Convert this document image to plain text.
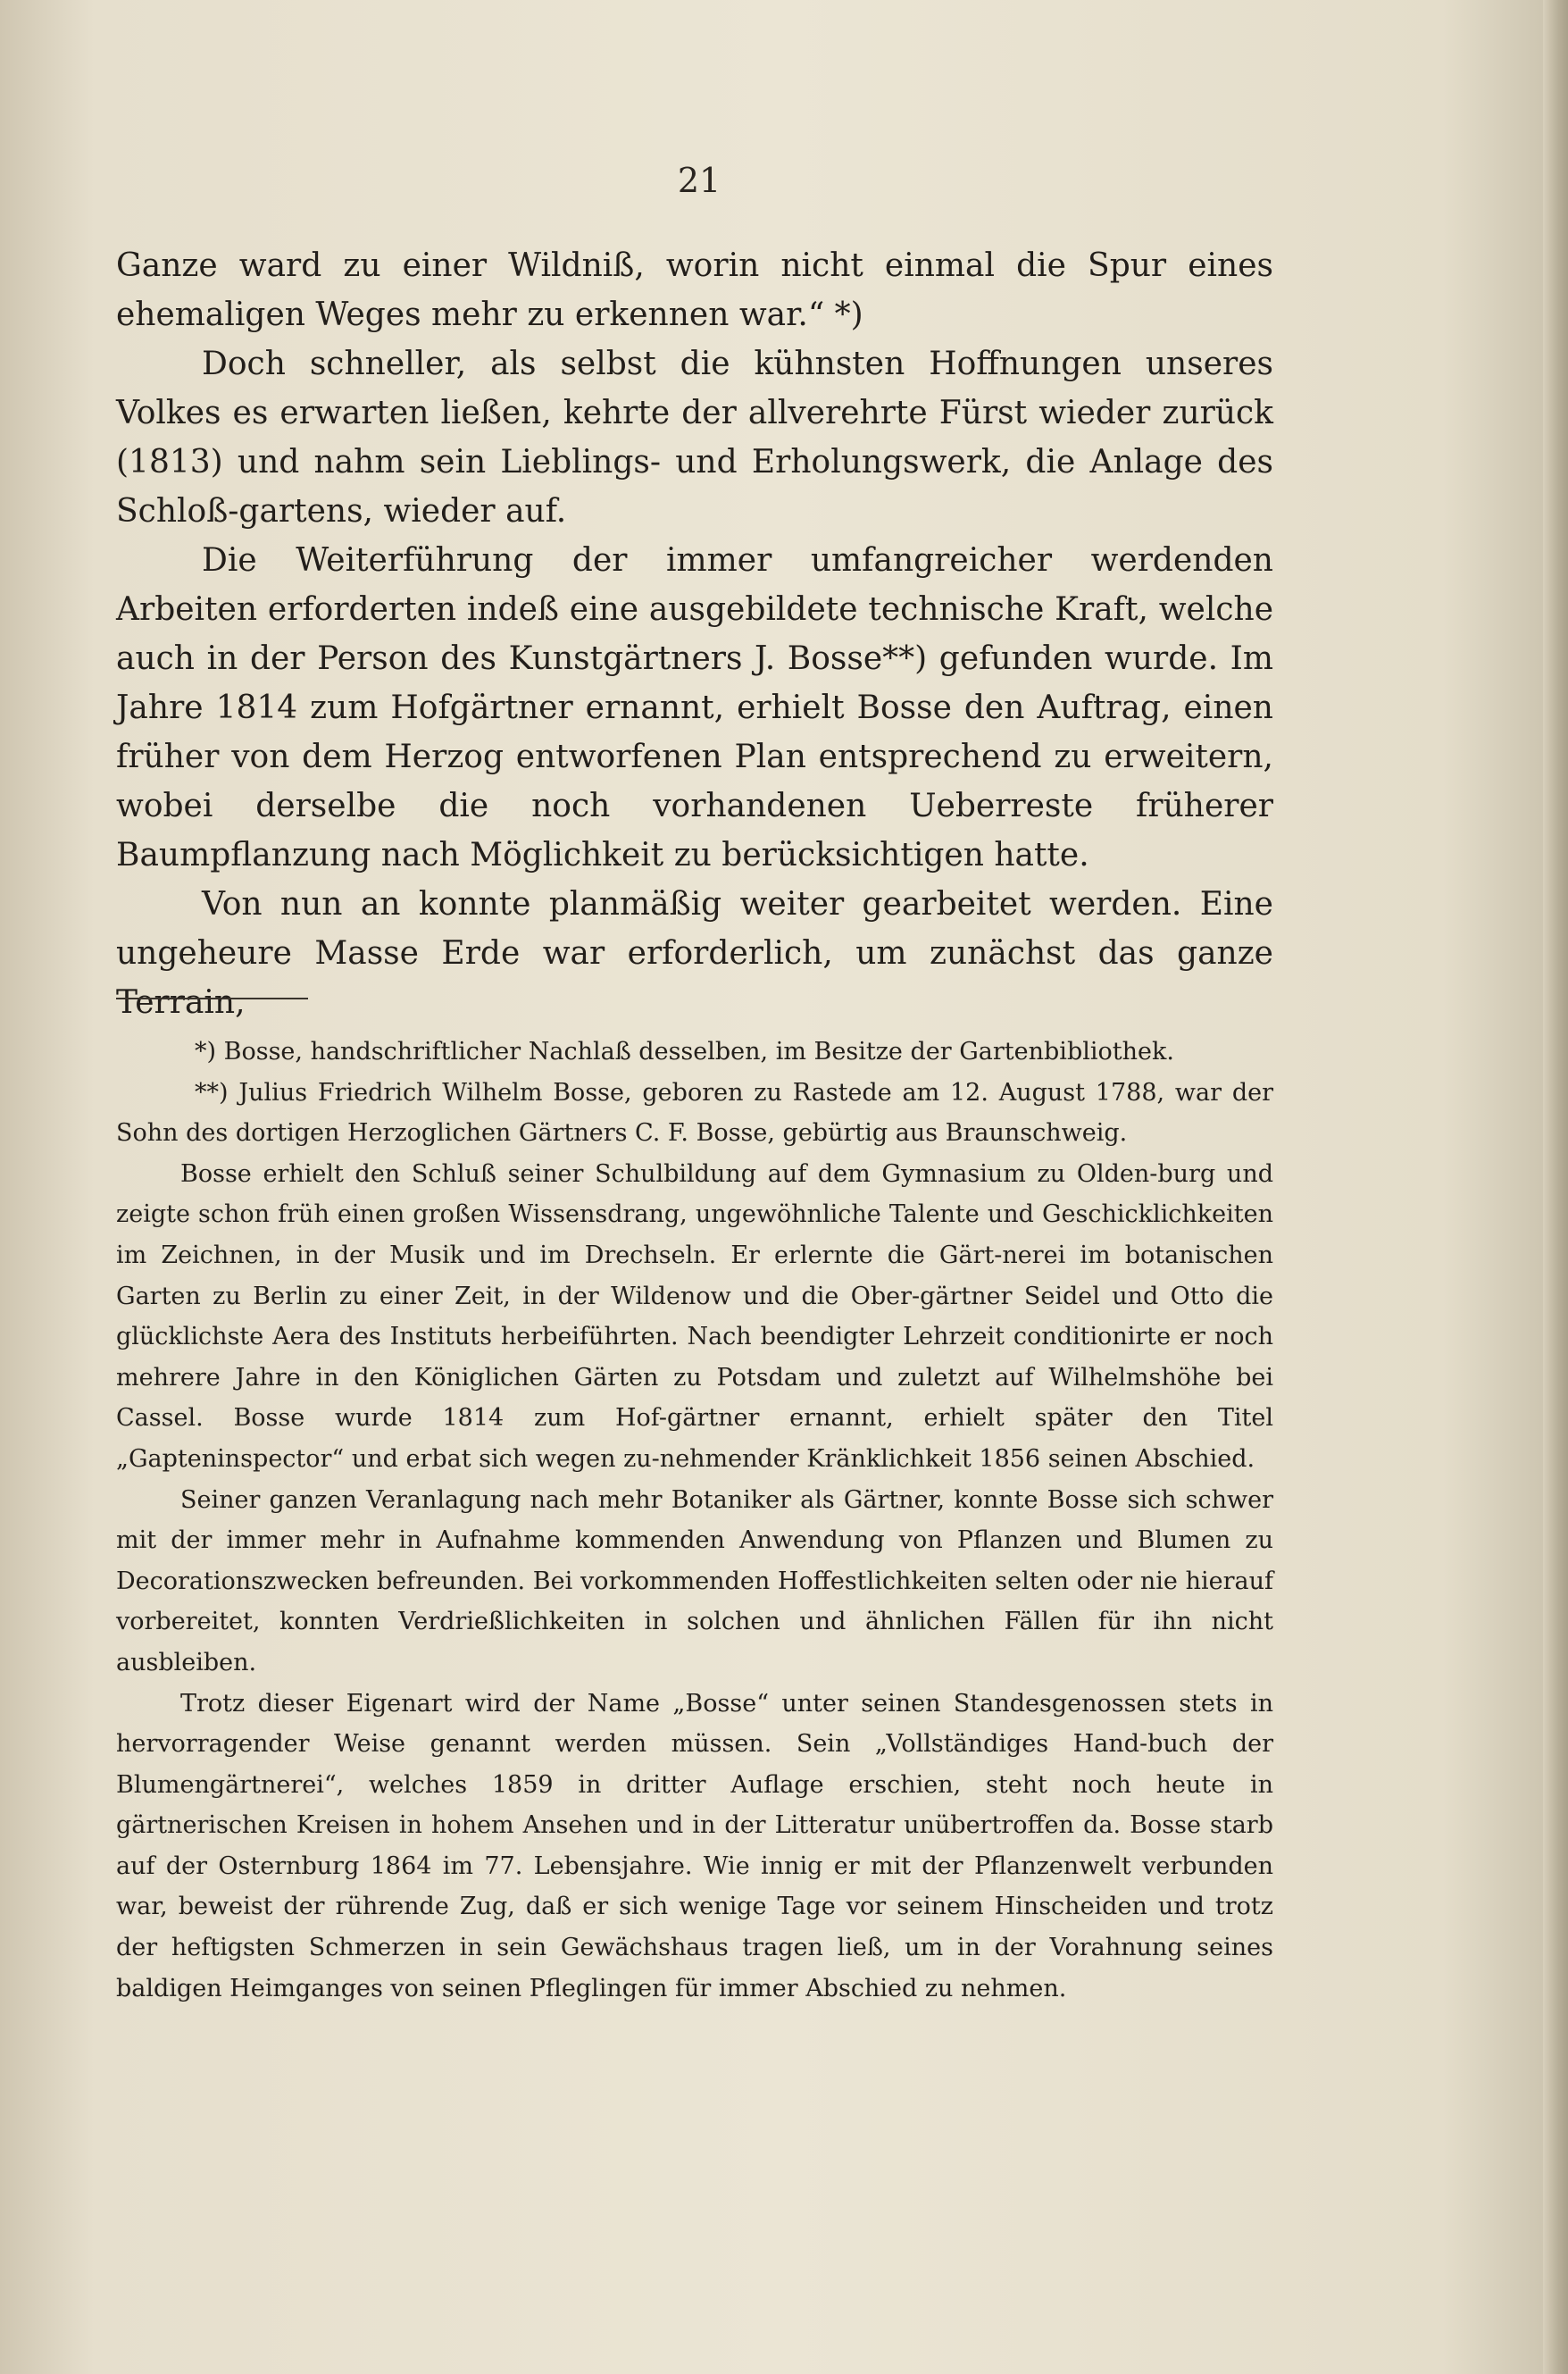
21

Ganze ward zu einer Wildniß, worin nicht einmal die Spur eines ehemaligen Weges mehr zu erkennen war.“ *)

Doch schneller, als selbst die kühnsten Hoffnungen unseres Volkes es erwarten ließen, kehrte der allverehrte Fürst wieder zurück (1813) und nahm sein Lieblings- und Erholungswerk, die Anlage des Schloß-gartens, wieder auf.

Die Weiterführung der immer umfangreicher werdenden Arbeiten erforderten indeß eine ausgebildete technische Kraft, welche auch in der Person des Kunstgärtners J. Bosse**) gefunden wurde. Im Jahre 1814 zum Hofgärtner ernannt, erhielt Bosse den Auftrag, einen früher von dem Herzog entworfenen Plan entsprechend zu erweitern, wobei derselbe die noch vorhandenen Ueberreste früherer Baumpflanzung nach Möglichkeit zu berücksichtigen hatte.

Von nun an konnte planmäßig weiter gearbeitet werden. Eine ungeheure Masse Erde war erforderlich, um zunächst das ganze Terrain,

*) Bosse, handschriftlicher Nachlaß desselben, im Besitze der Gartenbibliothek.

**) Julius Friedrich Wilhelm Bosse, geboren zu Rastede am 12. August 1788, war der Sohn des dortigen Herzoglichen Gärtners C. F. Bosse, gebürtig aus Braunschweig.

Bosse erhielt den Schluß seiner Schulbildung auf dem Gymnasium zu Olden-burg und zeigte schon früh einen großen Wissensdrang, ungewöhnliche Talente und Geschicklichkeiten im Zeichnen, in der Musik und im Drechseln. Er erlernte die Gärt-nerei im botanischen Garten zu Berlin zu einer Zeit, in der Wildenow und die Ober-gärtner Seidel und Otto die glücklichste Aera des Instituts herbeiführten. Nach beendigter Lehrzeit conditionirte er noch mehrere Jahre in den Königlichen Gärten zu Potsdam und zuletzt auf Wilhelmshöhe bei Cassel. Bosse wurde 1814 zum Hof-gärtner ernannt, erhielt später den Titel „Gарteninspector“ und erbat sich wegen zu-nehmender Kränklichkeit 1856 seinen Abschied.

Seiner ganzen Veranlagung nach mehr Botaniker als Gärtner, konnte Bosse sich schwer mit der immer mehr in Aufnahme kommenden Anwendung von Pflanzen und Blumen zu Decorationszwecken befreunden. Bei vorkommenden Hoffestlichkeiten selten oder nie hierauf vorbereitet, konnten Verdrießlichkeiten in solchen und ähnlichen Fällen für ihn nicht ausbleiben.

Trotz dieser Eigenart wird der Name „Bosse“ unter seinen Standesgenossen stets in hervorragender Weise genannt werden müssen. Sein „Vollständiges Hand-buch der Blumengärtnerei“, welches 1859 in dritter Auflage erschien, steht noch heute in gärtnerischen Kreisen in hohem Ansehen und in der Litteratur unübertroffen da. Bosse starb auf der Osternburg 1864 im 77. Lebensjahre. Wie innig er mit der Pflanzenwelt verbunden war, beweist der rührende Zug, daß er sich wenige Tage vor seinem Hinscheiden und trotz der heftigsten Schmerzen in sein Gewächshaus tragen ließ, um in der Vorahnung seines baldigen Heimganges von seinen Pfleglingen für immer Abschied zu nehmen.
